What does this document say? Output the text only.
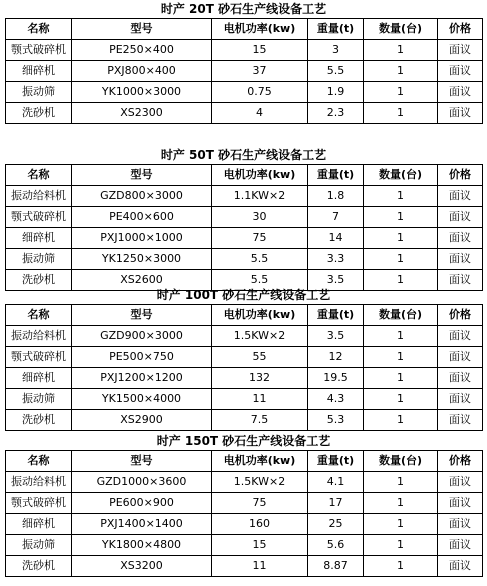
时产 20T 砂石生产线设备工艺
名称	型号	电机功率(kw)	重量(t)	数量(台)	价格
颚式破碎机	PE250×400	15	3	1	面议
细碎机	PXJ800×400	37	5.5	1	面议
振动筛	YK1000×3000	0.75	1.9	1	面议
洗砂机	XS2300	4	2.3	1	面议
时产 50T 砂石生产线设备工艺
名称	型号	电机功率(kw)	重量(t)	数量(台)	价格
振动给料机	GZD800×3000	1.1KW×2	1.8	1	面议
颚式破碎机	PE400×600	30	7	1	面议
细碎机	PXJ1000×1000	75	14	1	面议
振动筛	YK1250×3000	5.5	3.3	1	面议
洗砂机	XS2600	5.5	3.5	1	面议
时产 100T 砂石生产线设备工艺
名称	型号	电机功率(kw)	重量(t)	数量(台)	价格
振动给料机	GZD900×3000	1.5KW×2	3.5	1	面议
颚式破碎机	PE500×750	55	12	1	面议
细碎机	PXJ1200×1200	132	19.5	1	面议
振动筛	YK1500×4000	11	4.3	1	面议
洗砂机	XS2900	7.5	5.3	1	面议
时产 150T 砂石生产线设备工艺
名称	型号	电机功率(kw)	重量(t)	数量(台)	价格
振动给料机	GZD1000×3600	1.5KW×2	4.1	1	面议
颚式破碎机	PE600×900	75	17	1	面议
细碎机	PXJ1400×1400	160	25	1	面议
振动筛	YK1800×4800	15	5.6	1	面议
洗砂机	XS3200	11	8.87	1	面议
